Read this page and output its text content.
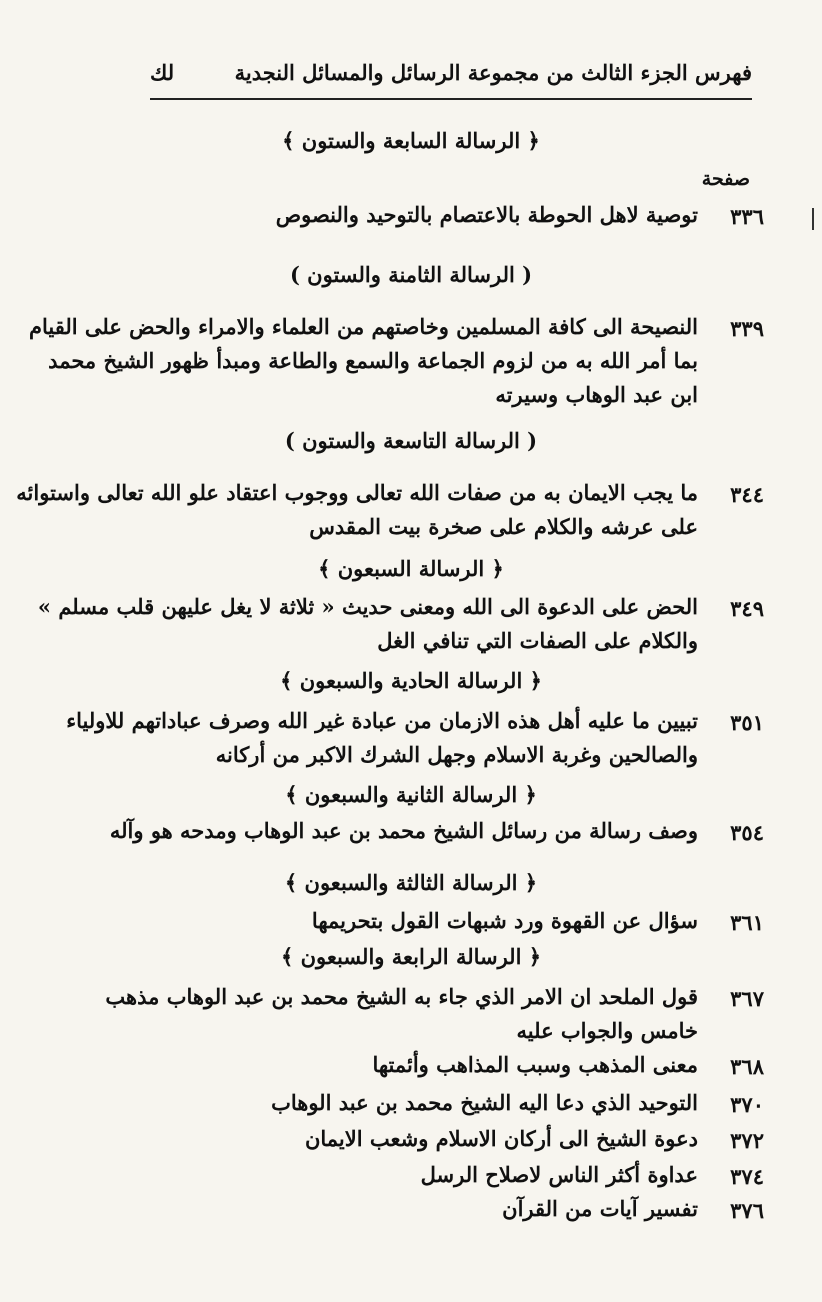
فهرس الجزء الثالث من مجموعة الرسائل والمسائل النجدية
لك
صفحة
﴿ الرسالة السابعة والستون ﴾
٣٣٦
توصية لاهل الحوطة بالاعتصام بالتوحيد والنصوص
( الرسالة الثامنة والستون )
٣٣٩
النصيحة الى كافة المسلمين وخاصتهم من العلماء والامراء والحض على القيام
بما أمر الله به من لزوم الجماعة والسمع والطاعة ومبدأ ظهور الشيخ محمد
ابن عبد الوهاب وسيرته
( الرسالة التاسعة والستون )
٣٤٤
ما يجب الايمان به من صفات الله تعالى ووجوب اعتقاد علو الله تعالى واستوائه
على عرشه والكلام على صخرة بيت المقدس
﴿ الرسالة السبعون ﴾
٣٤٩
الحض على الدعوة الى الله ومعنى حديث « ثلاثة لا يغل عليهن قلب مسلم »
والكلام على الصفات التي تنافي الغل
﴿ الرسالة الحادية والسبعون ﴾
٣٥١
تبيين ما عليه أهل هذه الازمان من عبادة غير الله وصرف عباداتهم للاولياء
والصالحين وغربة الاسلام وجهل الشرك الاكبر من أركانه
﴿ الرسالة الثانية والسبعون ﴾
٣٥٤
وصف رسالة من رسائل الشيخ محمد بن عبد الوهاب ومدحه هو وآله
﴿ الرسالة الثالثة والسبعون ﴾
٣٦١
سؤال عن القهوة ورد شبهات القول بتحريمها
﴿ الرسالة الرابعة والسبعون ﴾
٣٦٧
قول الملحد ان الامر الذي جاء به الشيخ محمد بن عبد الوهاب مذهب
خامس والجواب عليه
٣٦٨
معنى المذهب وسبب المذاهب وأئمتها
٣٧٠
التوحيد الذي دعا اليه الشيخ محمد بن عبد الوهاب
٣٧٢
دعوة الشيخ الى أركان الاسلام وشعب الايمان
٣٧٤
عداوة أكثر الناس لاصلاح الرسل
٣٧٦
تفسير آيات من القرآن
